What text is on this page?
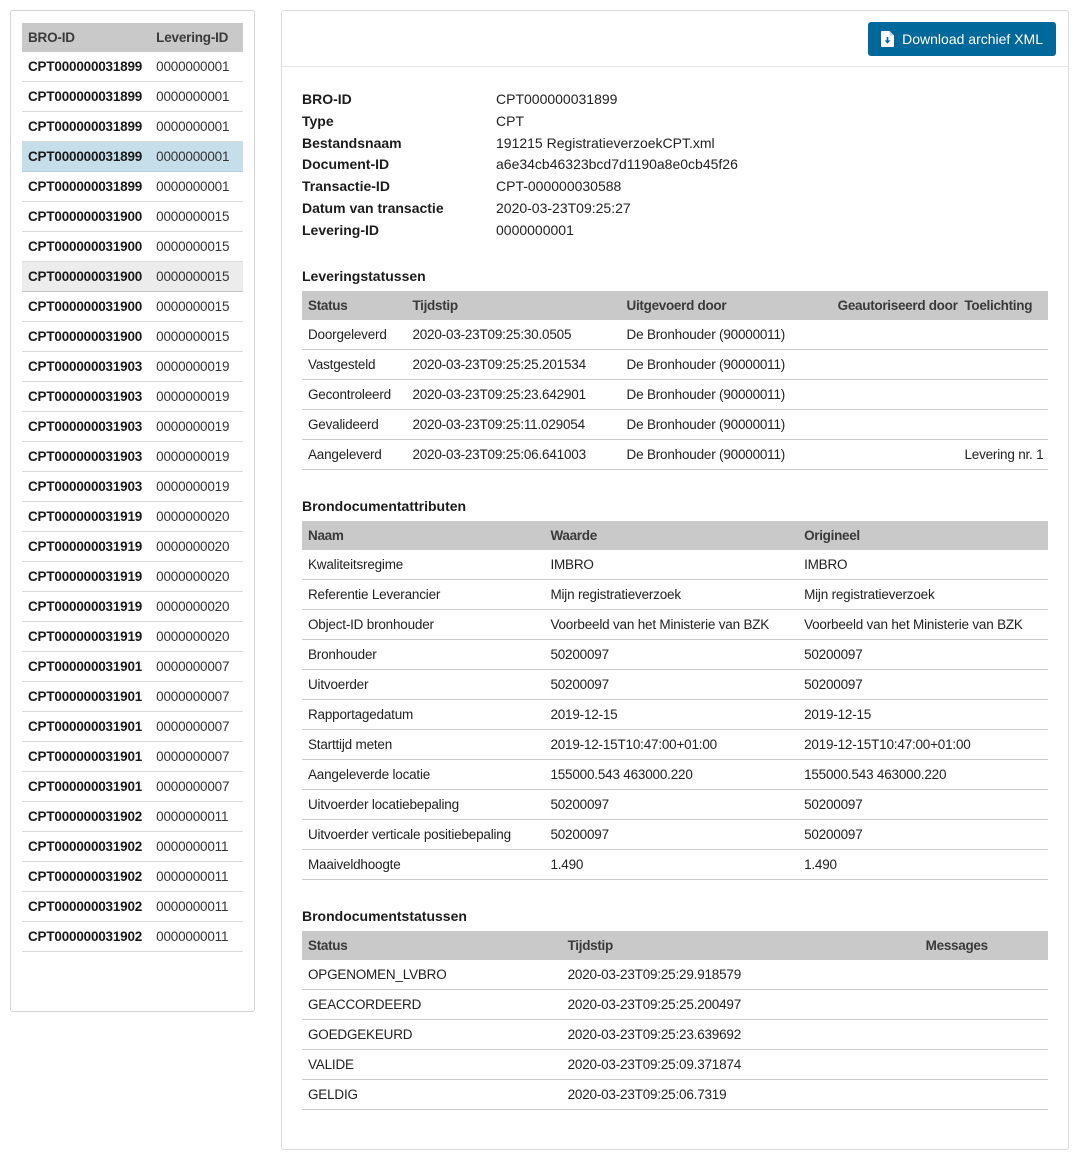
BRO-ID	Levering-ID
CPT000000031899	0000000001
CPT000000031899	0000000001
CPT000000031899	0000000001
CPT000000031899	0000000001
CPT000000031899	0000000001
CPT000000031900	0000000015
CPT000000031900	0000000015
CPT000000031900	0000000015
CPT000000031900	0000000015
CPT000000031900	0000000015
CPT000000031903	0000000019
CPT000000031903	0000000019
CPT000000031903	0000000019
CPT000000031903	0000000019
CPT000000031903	0000000019
CPT000000031919	0000000020
CPT000000031919	0000000020
CPT000000031919	0000000020
CPT000000031919	0000000020
CPT000000031919	0000000020
CPT000000031901	0000000007
CPT000000031901	0000000007
CPT000000031901	0000000007
CPT000000031901	0000000007
CPT000000031901	0000000007
CPT000000031902	0000000011
CPT000000031902	0000000011
CPT000000031902	0000000011
CPT000000031902	0000000011
CPT000000031902	0000000011
Download archief XML
BRO-ID	CPT000000031899
Type	CPT
Bestandsnaam	191215 RegistratieverzoekCPT.xml
Document-ID	a6e34cb46323bcd7d1190a8e0cb45f26
Transactie-ID	CPT-000000030588
Datum van transactie	2020-03-23T09:25:27
Levering-ID	0000000001
Leveringstatussen
Status	Tijdstip	Uitgevoerd door	Geautoriseerd door	Toelichting
Doorgeleverd	2020-03-23T09:25:30.0505	De Bronhouder (90000011)		
Vastgesteld	2020-03-23T09:25:25.201534	De Bronhouder (90000011)		
Gecontroleerd	2020-03-23T09:25:23.642901	De Bronhouder (90000011)		
Gevalideerd	2020-03-23T09:25:11.029054	De Bronhouder (90000011)		
Aangeleverd	2020-03-23T09:25:06.641003	De Bronhouder (90000011)		Levering nr. 1
Brondocumentattributen
Naam	Waarde	Origineel
Kwaliteitsregime	IMBRO	IMBRO
Referentie Leverancier	Mijn registratieverzoek	Mijn registratieverzoek
Object-ID bronhouder	Voorbeeld van het Ministerie van BZK	Voorbeeld van het Ministerie van BZK
Bronhouder	50200097	50200097
Uitvoerder	50200097	50200097
Rapportagedatum	2019-12-15	2019-12-15
Starttijd meten	2019-12-15T10:47:00+01:00	2019-12-15T10:47:00+01:00
Aangeleverde locatie	155000.543 463000.220	155000.543 463000.220
Uitvoerder locatiebepaling	50200097	50200097
Uitvoerder verticale positiebepaling	50200097	50200097
Maaiveldhoogte	1.490	1.490
Brondocumentstatussen
Status	Tijdstip	Messages
OPGENOMEN_LVBRO	2020-03-23T09:25:29.918579	
GEACCORDEERD	2020-03-23T09:25:25.200497	
GOEDGEKEURD	2020-03-23T09:25:23.639692	
VALIDE	2020-03-23T09:25:09.371874	
GELDIG	2020-03-23T09:25:06.7319	
